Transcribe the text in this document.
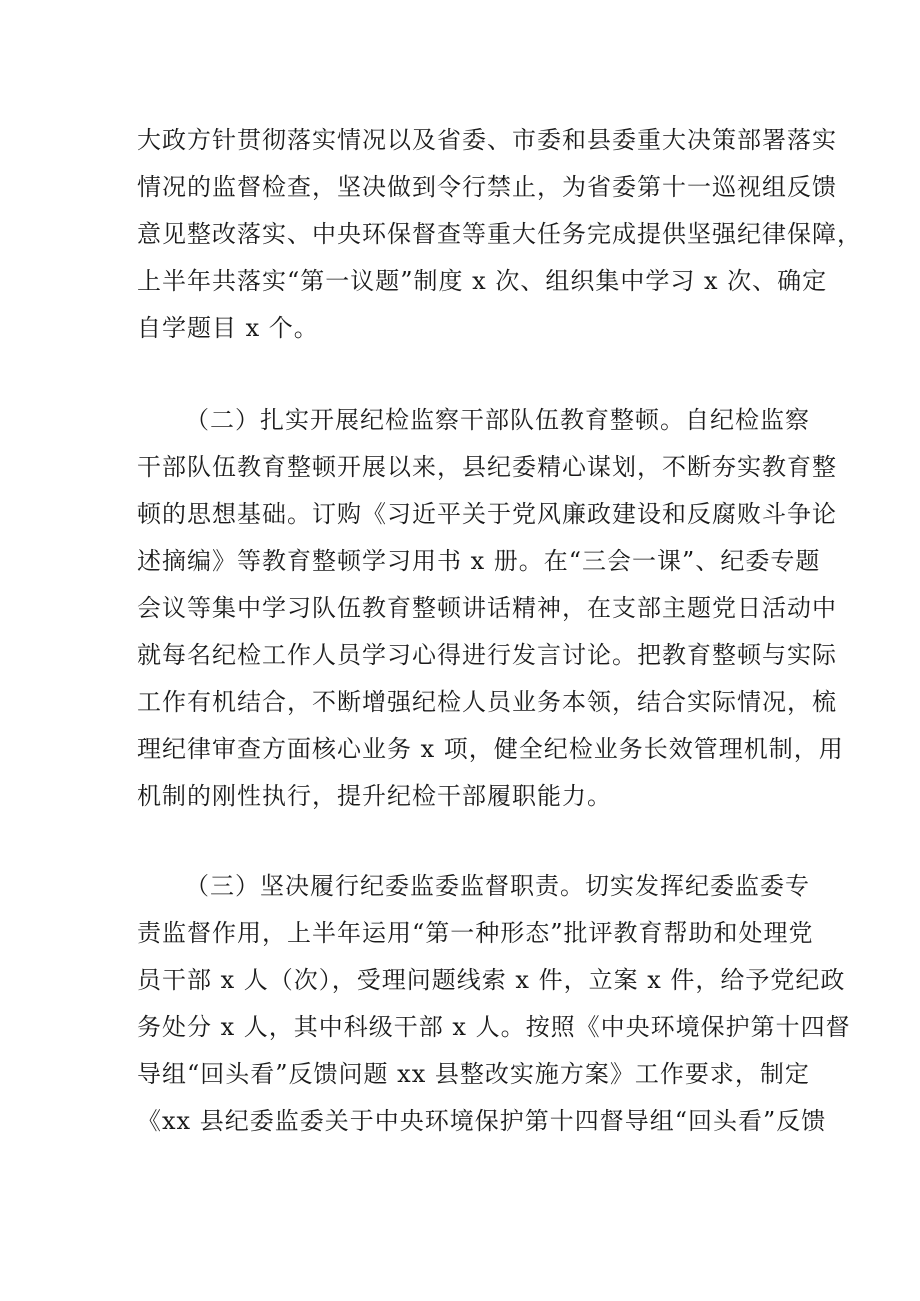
大政方针贯彻落实情况以及省委、市委和县委重大决策部署落实
情况的监督检查，坚决做到令行禁止，为省委第十一巡视组反馈
意见整改落实、中央环保督查等重大任务完成提供坚强纪律保障，
上半年共落实“第一议题”制度 x 次、组织集中学习 x 次、确定
自学题目 x 个。
（二）扎实开展纪检监察干部队伍教育整顿。自纪检监察
干部队伍教育整顿开展以来，县纪委精心谋划，不断夯实教育整
顿的思想基础。订购《习近平关于党风廉政建设和反腐败斗争论
述摘编》等教育整顿学习用书 x 册。在“三会一课”、纪委专题
会议等集中学习队伍教育整顿讲话精神，在支部主题党日活动中
就每名纪检工作人员学习心得进行发言讨论。把教育整顿与实际
工作有机结合，不断增强纪检人员业务本领，结合实际情况，梳
理纪律审查方面核心业务 x 项，健全纪检业务长效管理机制，用
机制的刚性执行，提升纪检干部履职能力。
（三）坚决履行纪委监委监督职责。切实发挥纪委监委专
责监督作用，上半年运用“第一种形态”批评教育帮助和处理党
员干部 x 人（次），受理问题线索 x 件，立案 x 件，给予党纪政
务处分 x 人，其中科级干部 x 人。按照《中央环境保护第十四督
导组“回头看”反馈问题 xx 县整改实施方案》工作要求，制定
《xx 县纪委监委关于中央环境保护第十四督导组“回头看”反馈
